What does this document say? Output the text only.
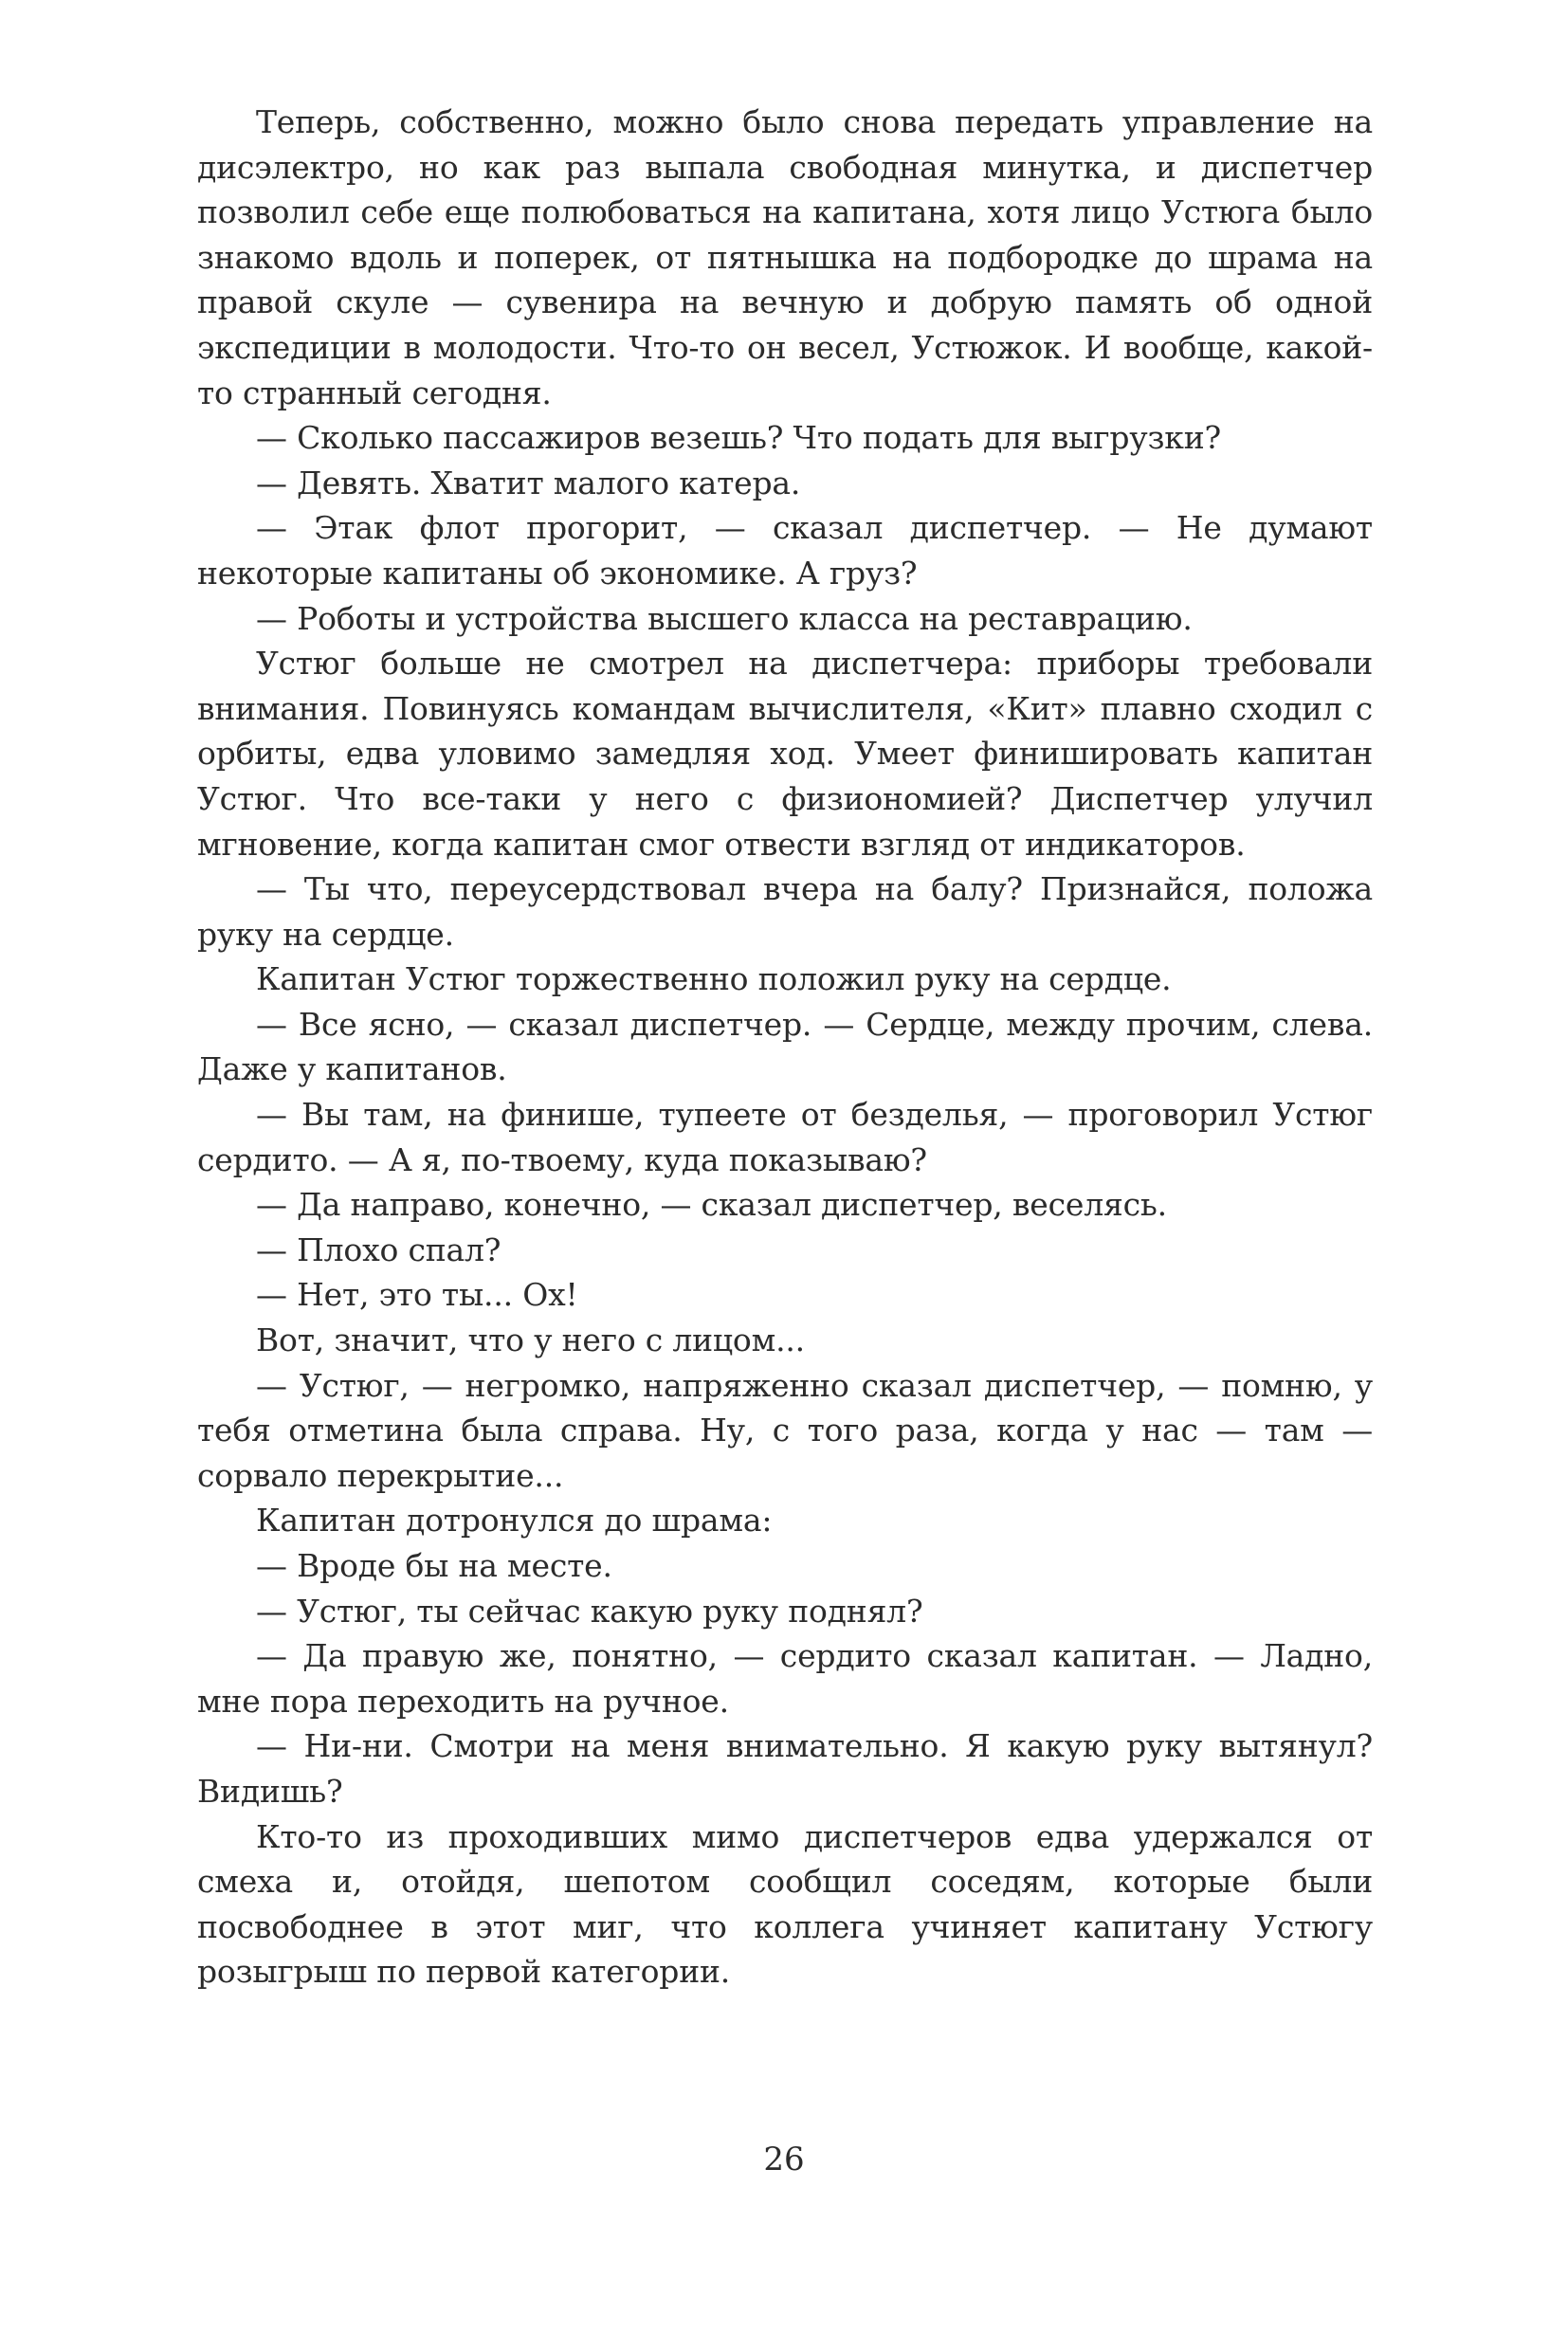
Теперь, собственно, можно было снова передать управление на дисэлектро, но как раз выпала свободная минутка, и диспетчер позволил себе еще полюбоваться на капитана, хотя лицо Устюга было знакомо вдоль и поперек, от пятнышка на подбородке до шрама на правой скуле — сувенира на вечную и добрую память об одной экспедиции в молодости. Что-то он весел, Устюжок. И вообще, какой-то странный сегодня.

— Сколько пассажиров везешь? Что подать для выгрузки?

— Девять. Хватит малого катера.

— Этак флот прогорит, — сказал диспетчер. — Не думают некоторые капитаны об экономике. А груз?

— Роботы и устройства высшего класса на реставрацию.

Устюг больше не смотрел на диспетчера: приборы требовали внимания. Повинуясь командам вычислителя, «Кит» плавно сходил с орбиты, едва уловимо замедляя ход. Умеет финишировать капитан Устюг. Что все-таки у него с физиономией? Диспетчер улучил мгновение, когда капитан смог отвести взгляд от индикаторов.

— Ты что, переусердствовал вчера на балу? Признайся, положа руку на сердце.

Капитан Устюг торжественно положил руку на сердце.

— Все ясно, — сказал диспетчер. — Сердце, между прочим, слева. Даже у капитанов.

— Вы там, на финише, тупеете от безделья, — проговорил Устюг сердито. — А я, по-твоему, куда показываю?

— Да направо, конечно, — сказал диспетчер, веселясь.

— Плохо спал?

— Нет, это ты... Ох!

Вот, значит, что у него с лицом...

— Устюг, — негромко, напряженно сказал диспетчер, — помню, у тебя отметина была справа. Ну, с того раза, когда у нас — там — сорвало перекрытие...

Капитан дотронулся до шрама:

— Вроде бы на месте.

— Устюг, ты сейчас какую руку поднял?

— Да правую же, понятно, — сердито сказал капитан. — Ладно, мне пора переходить на ручное.

— Ни-ни. Смотри на меня внимательно. Я какую руку вытянул? Видишь?

Кто-то из проходивших мимо диспетчеров едва удержался от смеха и, отойдя, шепотом сообщил соседям, которые были посвободнее в этот миг, что коллега учиняет капитану Устюгу розыгрыш по первой категории.

26
